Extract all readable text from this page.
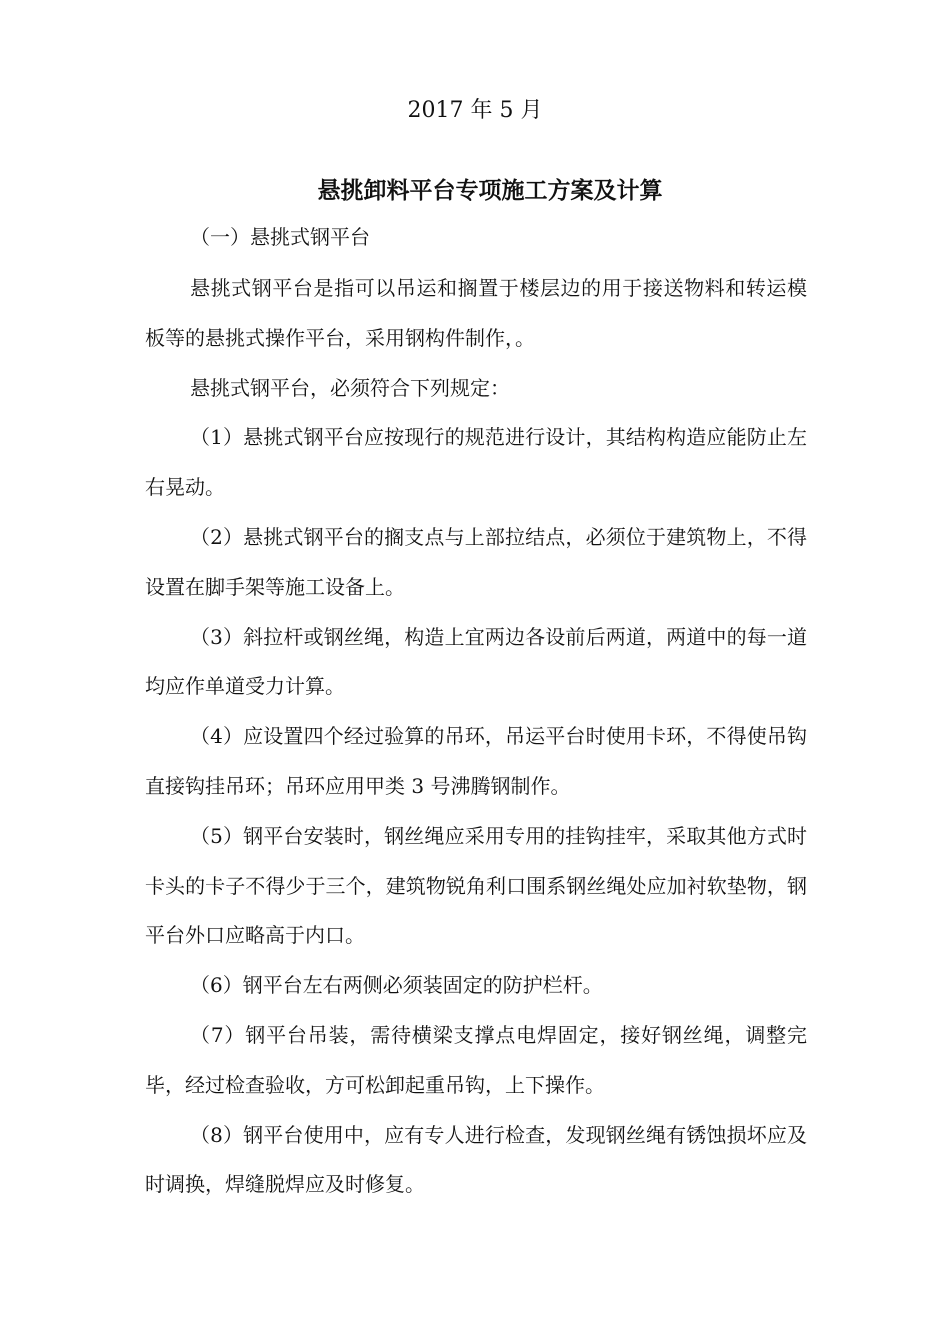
2017 年 5 月
悬挑卸料平台专项施工方案及计算
（一）悬挑式钢平台

悬挑式钢平台是指可以吊运和搁置于楼层边的用于接送物料和转运模板等的悬挑式操作平台，采用钢构件制作，。

悬挑式钢平台，必须符合下列规定：

（1）悬挑式钢平台应按现行的规范进行设计，其结构构造应能防止左右晃动。

（2）悬挑式钢平台的搁支点与上部拉结点，必须位于建筑物上，不得设置在脚手架等施工设备上。

（3）斜拉杆或钢丝绳，构造上宜两边各设前后两道，两道中的每一道均应作单道受力计算。

（4）应设置四个经过验算的吊环，吊运平台时使用卡环，不得使吊钩直接钩挂吊环；吊环应用甲类 3 号沸腾钢制作。

（5）钢平台安装时，钢丝绳应采用专用的挂钩挂牢，采取其他方式时卡头的卡子不得少于三个，建筑物锐角利口围系钢丝绳处应加衬软垫物，钢平台外口应略高于内口。

（6）钢平台左右两侧必须装固定的防护栏杆。

（7）钢平台吊装，需待横梁支撑点电焊固定，接好钢丝绳，调整完毕，经过检查验收，方可松卸起重吊钩，上下操作。

（8）钢平台使用中，应有专人进行检查，发现钢丝绳有锈蚀损坏应及时调换，焊缝脱焊应及时修复。
